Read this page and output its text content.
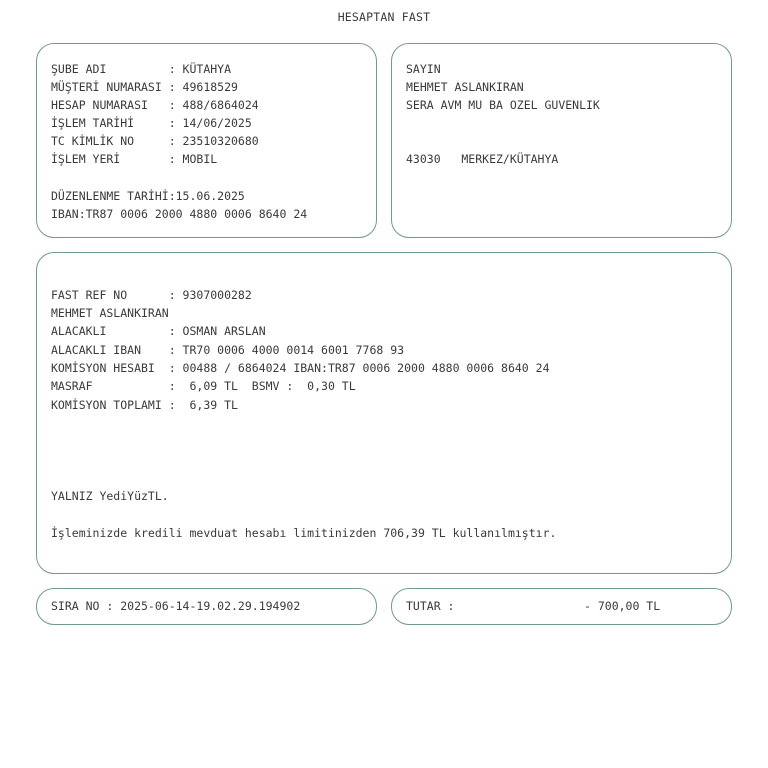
HESAPTAN FAST
ŞUBE ADI         : KÜTAHYA
MÜŞTERİ NUMARASI : 49618529
HESAP NUMARASI   : 488/6864024
İŞLEM TARİHİ     : 14/06/2025
TC KİMLİK NO     : 23510320680
İŞLEM YERİ       : MOBIL
DÜZENLENME TARİHİ:15.06.2025
IBAN:TR87 0006 2000 4880 0006 8640 24
SAYIN
MEHMET ASLANKIRAN
SERA AVM MU BA OZEL GUVENLIK
43030   MERKEZ/KÜTAHYA
FAST REF NO      : 9307000282
MEHMET ASLANKIRAN
ALACAKLI         : OSMAN ARSLAN
ALACAKLI IBAN    : TR70 0006 4000 0014 6001 7768 93
KOMİSYON HESABI  : 00488 / 6864024 IBAN:TR87 0006 2000 4880 0006 8640 24
MASRAF           :  6,09 TL  BSMV :  0,30 TL
KOMİSYON TOPLAMI :  6,39 TL
YALNIZ YediYüzTL.
İşleminizde kredili mevduat hesabı limitinizden 706,39 TL kullanılmıştır.
SIRA NO : 2025-06-14-19.02.29.194902	TUTAR :	- 700,00 TL
